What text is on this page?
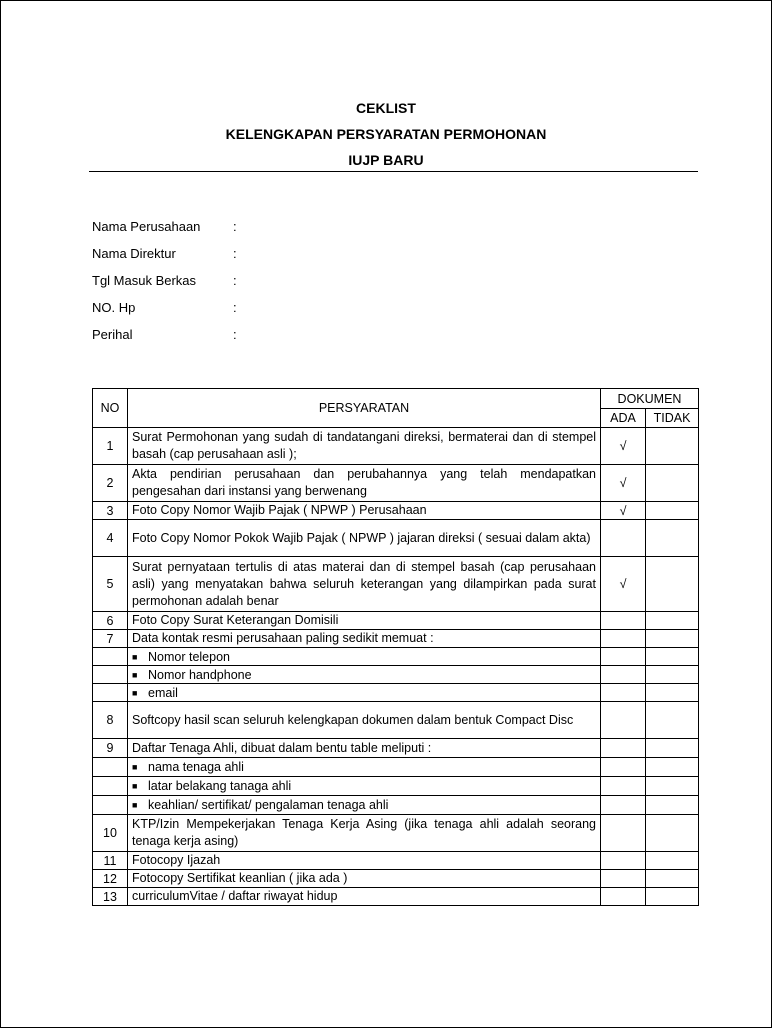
CEKLIST
KELENGKAPAN PERSYARATAN PERMOHONAN
IUJP BARU
Nama Perusahaan	:
Nama Direktur	:
Tgl Masuk Berkas	:
NO. Hp	:
Perihal	:
NO	PERSYARATAN	DOKUMEN	
		ADA	TIDAK
1	Surat Permohonan yang sudah di tandatangani direksi, bermaterai dan di stempel basah (cap perusahaan asli );	√	
2	Akta pendirian perusahaan dan perubahannya yang telah mendapatkan pengesahan dari instansi yang berwenang	√	
3	Foto Copy Nomor Wajib Pajak ( NPWP ) Perusahaan	√	
4	Foto Copy Nomor Pokok Wajib Pajak ( NPWP ) jajaran direksi ( sesuai dalam akta)		
5	Surat pernyataan tertulis di atas materai dan di stempel basah (cap perusahaan asli) yang menyatakan bahwa seluruh keterangan yang dilampirkan pada surat permohonan adalah benar	√	
6	Foto Copy Surat Keterangan Domisili		
7	Data kontak resmi perusahaan paling sedikit memuat :		
	■ Nomor telepon		
	■ Nomor handphone		
	■ email		
8	Softcopy hasil scan seluruh kelengkapan dokumen dalam bentuk Compact Disc		
9	Daftar Tenaga Ahli, dibuat dalam bentu table meliputi :		
	■ nama tenaga ahli		
	■ latar belakang tanaga ahli		
	■ keahlian/ sertifikat/ pengalaman tenaga ahli		
10	KTP/Izin Mempekerjakan Tenaga Kerja Asing (jika tenaga ahli adalah seorang tenaga kerja asing)		
11	Fotocopy Ijazah		
12	Fotocopy Sertifikat keanlian ( jika ada )		
13	curriculumVitae / daftar riwayat hidup		
